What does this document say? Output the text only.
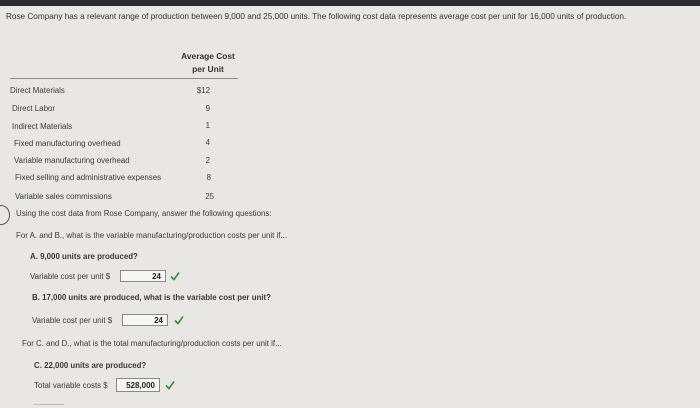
Rose Company has a relevant range of production between 9,000 and 25,000 units. The following cost data represents average cost per unit for 16,000 units of production.
Average Cost
per Unit
Direct Materials	$12
Direct Labor	9
Indirect Materials	1
Fixed manufacturing overhead	4
Variable manufacturing overhead	2
Fixed selling and administrative expenses	8
Variable sales commissions	25
Using the cost data from Rose Company, answer the following questions:
For A. and B., what is the variable manufacturing/production costs per unit if...
A. 9,000 units are produced?
Variable cost per unit $	24
B. 17,000 units are produced, what is the variable cost per unit?
Variable cost per unit $	24
For C. and D., what is the total manufacturing/production costs per unit if...
C. 22,000 units are produced?
Total variable costs $	528,000
